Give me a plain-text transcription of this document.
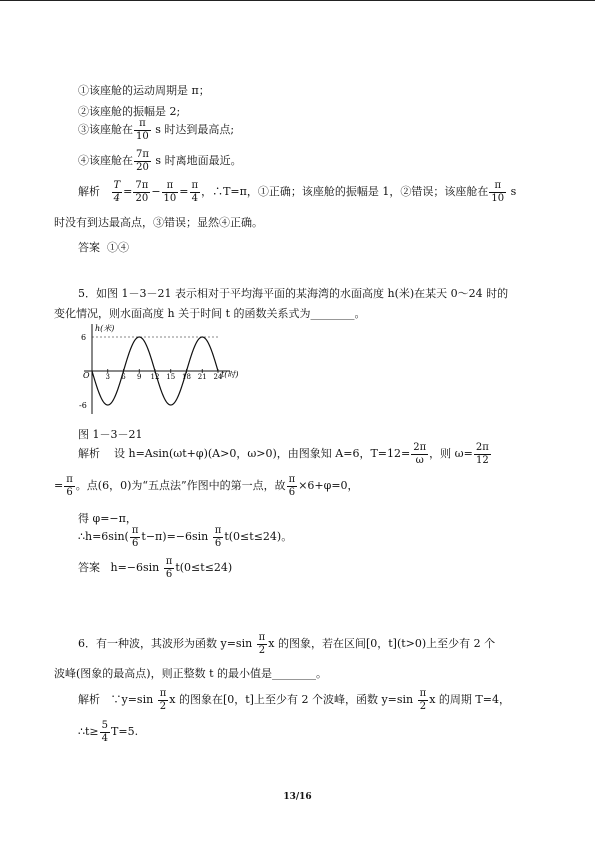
①该座舱的运动周期是 π；
②该座舱的振幅是 2;
③该座舱在 $\frac{\pi}{10}$ s 时达到最高点;
④该座舱在 $\frac{7\pi}{20}$ s 时离地面最近。
解析 $\frac{T}{4} = \frac{7\pi}{20} - \frac{\pi}{10} = \frac{\pi}{4}$ ，∴T=π，①正确；该座舱的振幅是 1，②错误；该座舱在 $\frac{\pi}{10}$ s
时没有到达最高点，③错误；显然④正确。
答案 ①④
5．如图 1－3－21 表示相对于平均海平面的某海湾的水面高度 h(米)在某天 0～24 时的
变化情况，则水面高度 h 关于时间 t 的函数关系式为________。
3 6 9 12 15 18 21 24
h(米)
t(时)
O
6
-6
图 1－3－21
解析 设 h=Asin(ωt+φ)(A>0，ω>0)，由图象知 A=6，$T=12= \frac{2\pi}{\omega}$ ，则 $\omega= \frac{2\pi}{12}$
= $\frac{\pi}{6}$ 。点(6，0)为“五点法”作图中的第一点，故 $\frac{\pi}{6} \times 6+\varphi=0$，
得 φ=−π，
∴h=6sin( $\frac{\pi}{6} t-\pi)=-6\sin \frac{\pi}{6} t(0\le t\le 24)$。
答案 $h=-6\sin \frac{\pi}{6} t(0\le t\le 24)$
6．有一种波，其波形为函数 $y=\sin \frac{\pi}{2}$ x 的图象，若在区间[0，t](t>0)上至少有 2 个
波峰(图象的最高点)，则正整数 t 的最小值是________。
解析 ∵y=sin $\frac{\pi}{2}$ x 的图象在[0，t]上至少有 2 个波峰，函数 $y=\sin \frac{\pi}{2}$ x 的周期 T=4，
∴t≥ $\frac{5}{4} T=5$.
13/16
